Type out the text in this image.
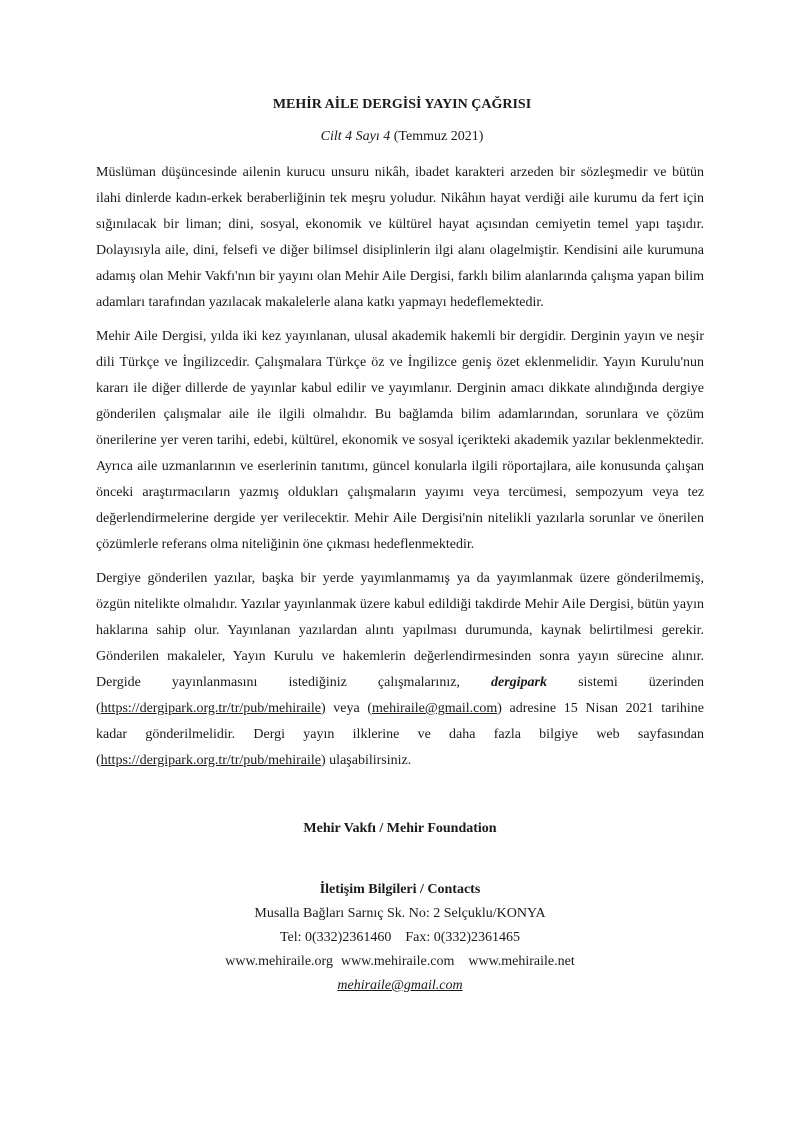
MEHİR AİLE DERGİSİ YAYIN ÇAĞRISI
Cilt 4 Sayı 4 (Temmuz 2021)

Müslüman düşüncesinde ailenin kurucu unsuru nikâh, ibadet karakteri arzeden bir sözleşmedir ve bütün ilahi dinlerde kadın-erkek beraberliğinin tek meşru yoludur. Nikâhın hayat verdiği aile kurumu da fert için sığınılacak bir liman; dini, sosyal, ekonomik ve kültürel hayat açısından cemiyetin temel yapı taşıdır. Dolayısıyla aile, dini, felsefi ve diğer bilimsel disiplinlerin ilgi alanı olagelmiştir. Kendisini aile kurumuna adamış olan Mehir Vakfı'nın bir yayını olan Mehir Aile Dergisi, farklı bilim alanlarında çalışma yapan bilim adamları tarafından yazılacak makalelerle alana katkı yapmayı hedeflemektedir.

Mehir Aile Dergisi, yılda iki kez yayınlanan, ulusal akademik hakemli bir dergidir. Derginin yayın ve neşir dili Türkçe ve İngilizcedir. Çalışmalara Türkçe öz ve İngilizce geniş özet eklenmelidir. Yayın Kurulu'nun kararı ile diğer dillerde de yayınlar kabul edilir ve yayımlanır. Derginin amacı dikkate alındığında dergiye gönderilen çalışmalar aile ile ilgili olmalıdır. Bu bağlamda bilim adamlarından, sorunlara ve çözüm önerilerine yer veren tarihi, edebi, kültürel, ekonomik ve sosyal içerikteki akademik yazılar beklenmektedir. Ayrıca aile uzmanlarının ve eserlerinin tanıtımı, güncel konularla ilgili röportajlara, aile konusunda çalışan önceki araştırmacıların yazmış oldukları çalışmaların yayımı veya tercümesi, sempozyum veya tez değerlendirmelerine dergide yer verilecektir. Mehir Aile Dergisi'nin nitelikli yazılarla sorunlar ve önerilen çözümlerle referans olma niteliğinin öne çıkması hedeflenmektedir.

Dergiye gönderilen yazılar, başka bir yerde yayımlanmamış ya da yayımlanmak üzere gönderilmemiş, özgün nitelikte olmalıdır. Yazılar yayınlanmak üzere kabul edildiği takdirde Mehir Aile Dergisi, bütün yayın haklarına sahip olur. Yayınlanan yazılardan alıntı yapılması durumunda, kaynak belirtilmesi gerekir. Gönderilen makaleler, Yayın Kurulu ve hakemlerin değerlendirmesinden sonra yayın sürecine alınır. Dergide yayınlanmasını istediğiniz çalışmalarınız, dergipark sistemi üzerinden (https://dergipark.org.tr/tr/pub/mehiraile) veya (mehiraile@gmail.com) adresine 15 Nisan 2021 tarihine kadar gönderilmelidir. Dergi yayın ilklerine ve daha fazla bilgiye web sayfasından (https://dergipark.org.tr/tr/pub/mehiraile) ulaşabilirsiniz.

Mehir Vakfı / Mehir Foundation
İletişim Bilgileri / Contacts
Musalla Bağları Sarnıç Sk. No: 2 Selçuklu/KONYA
Tel: 0(332)2361460 Fax: 0(332)2361465
www.mehiraile.org www.mehiraile.com www.mehiraile.net
mehiraile@gmail.com
